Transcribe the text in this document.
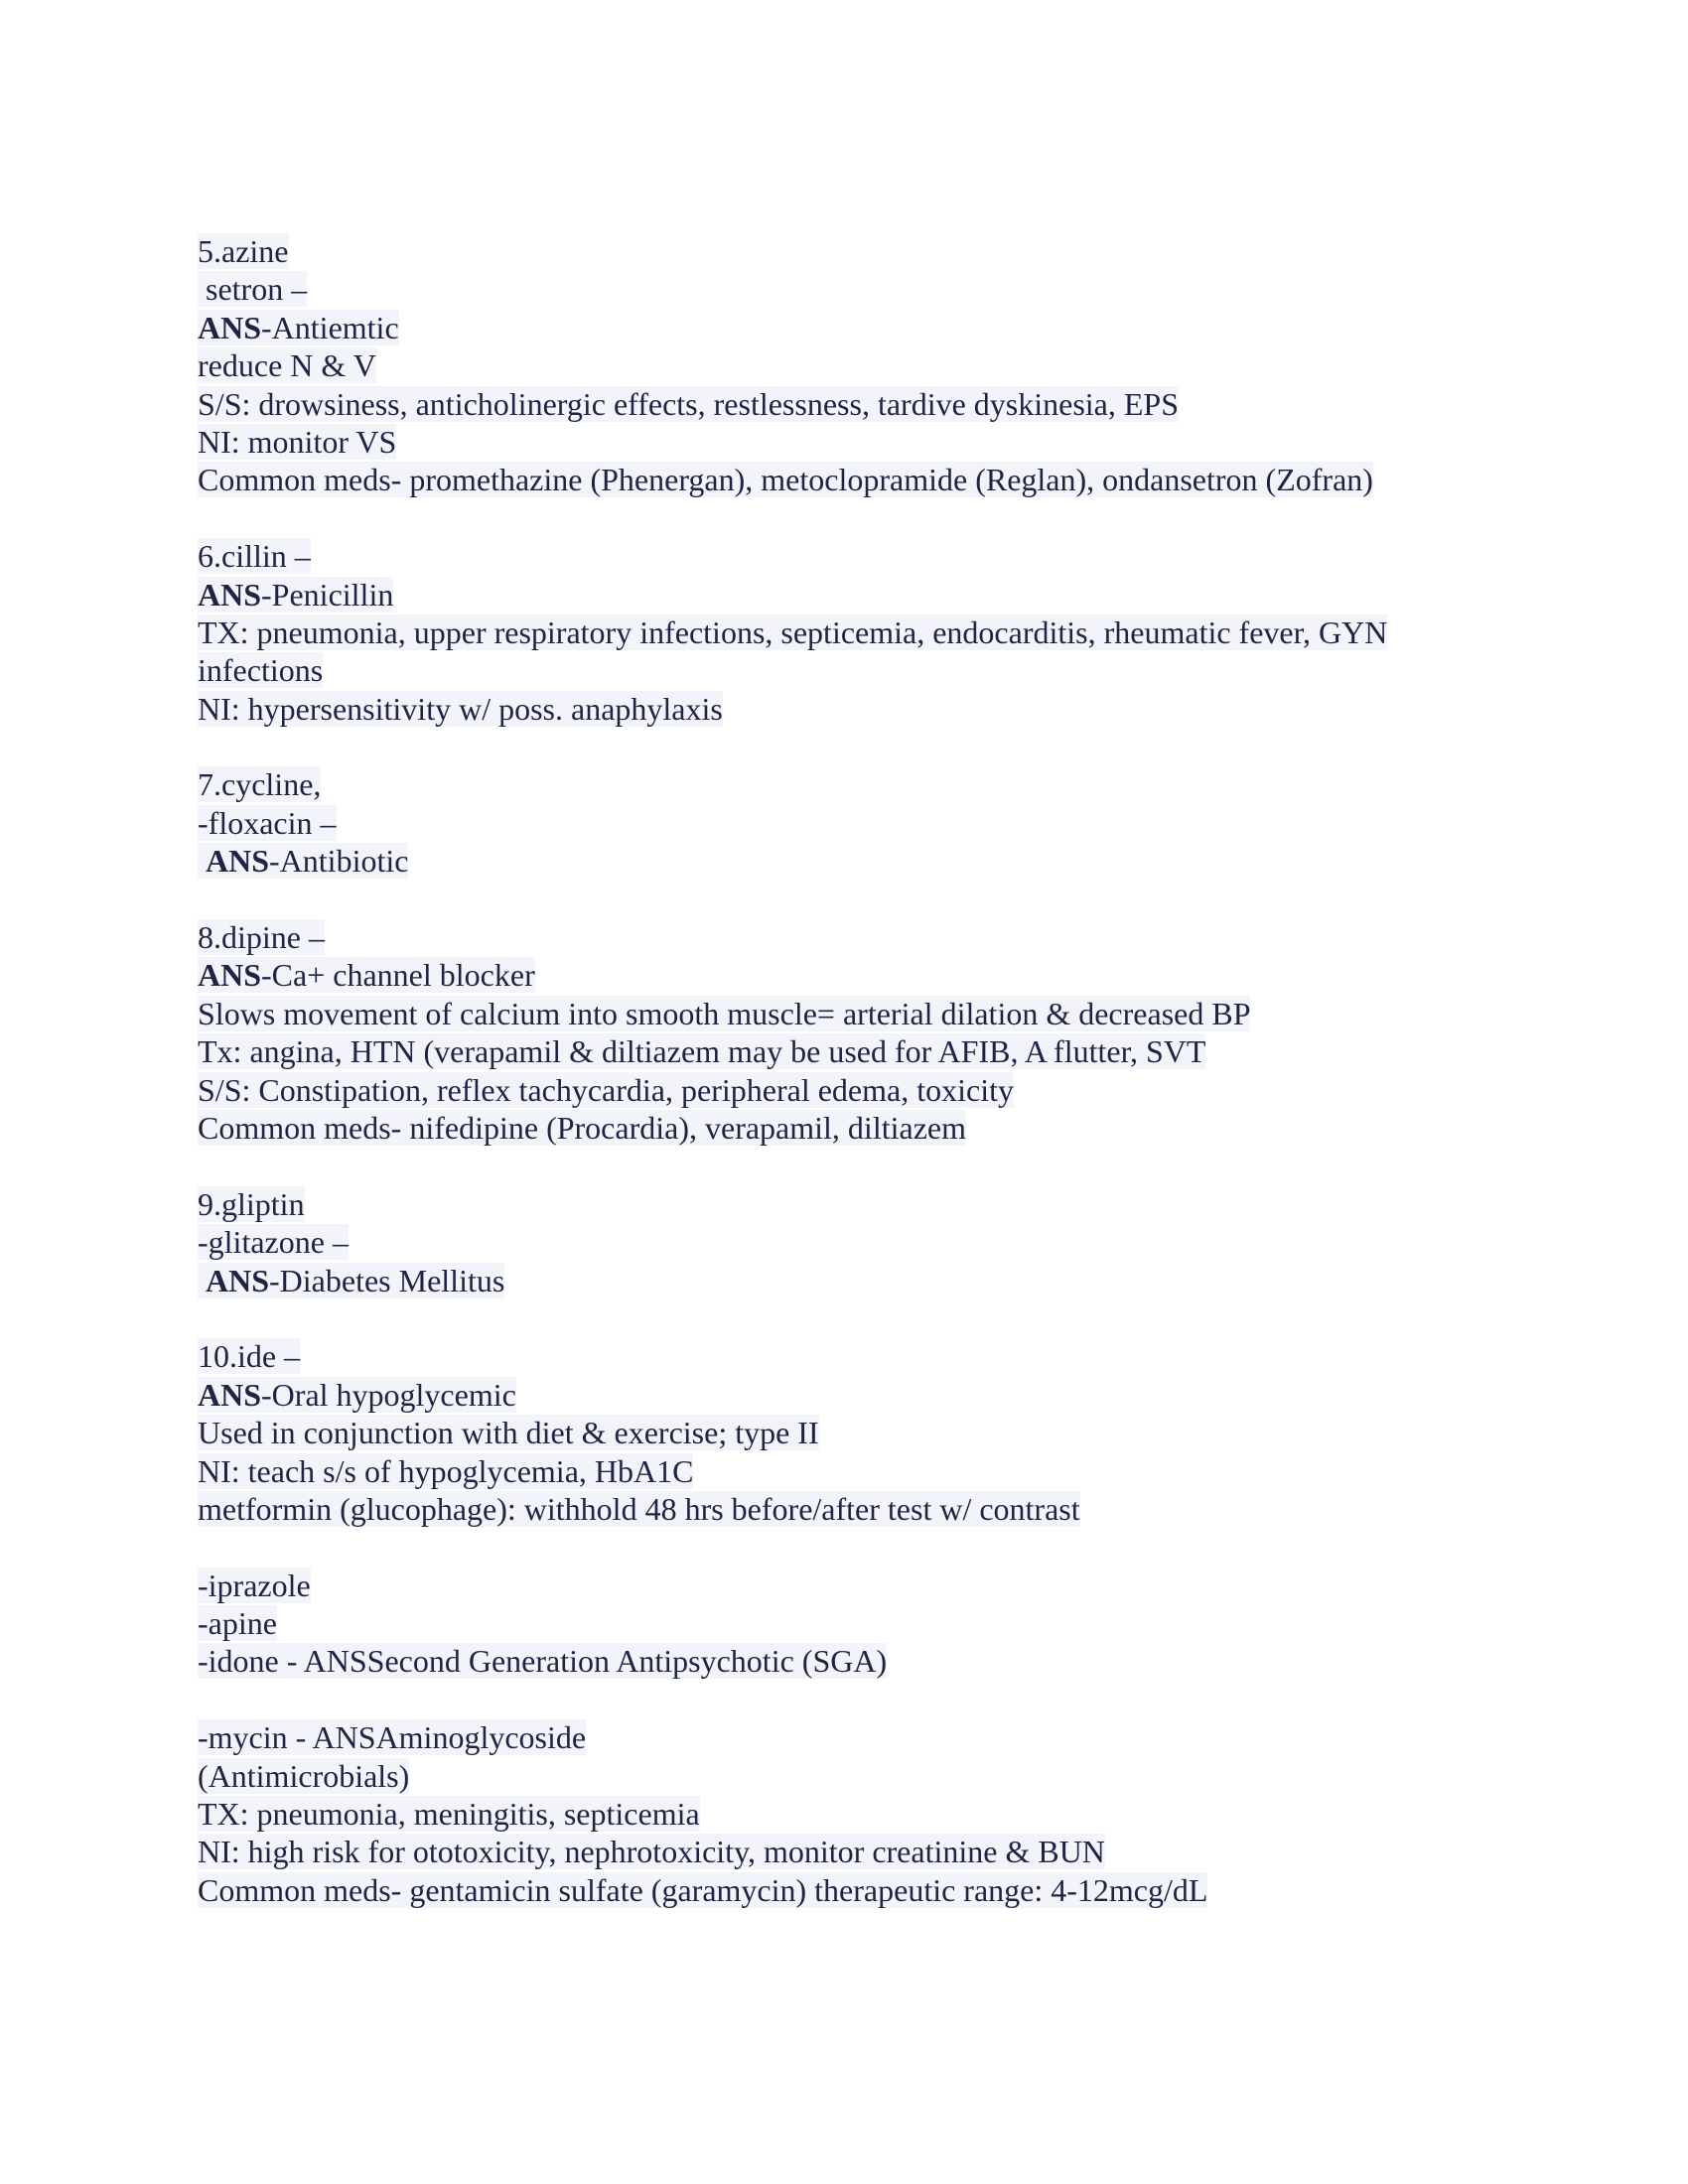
5.azine
setron –
ANS-Antiemtic
reduce N & V
S/S: drowsiness, anticholinergic effects, restlessness, tardive dyskinesia, EPS
NI: monitor VS
Common meds- promethazine (Phenergan), metoclopramide (Reglan), ondansetron (Zofran)
6.cillin –
ANS-Penicillin
TX: pneumonia, upper respiratory infections, septicemia, endocarditis, rheumatic fever, GYN
infections
NI: hypersensitivity w/ poss. anaphylaxis
7.cycline,
-floxacin –
ANS-Antibiotic
8.dipine –
ANS-Ca+ channel blocker
Slows movement of calcium into smooth muscle= arterial dilation & decreased BP
Tx: angina, HTN (verapamil & diltiazem may be used for AFIB, A flutter, SVT
S/S: Constipation, reflex tachycardia, peripheral edema, toxicity
Common meds- nifedipine (Procardia), verapamil, diltiazem
9.gliptin
-glitazone –
ANS-Diabetes Mellitus
10.ide –
ANS-Oral hypoglycemic
Used in conjunction with diet & exercise; type II
NI: teach s/s of hypoglycemia, HbA1C
metformin (glucophage): withhold 48 hrs before/after test w/ contrast
-iprazole
-apine
-idone - ANSSecond Generation Antipsychotic (SGA)
-mycin - ANSAminoglycoside
(Antimicrobials)
TX: pneumonia, meningitis, septicemia
NI: high risk for ototoxicity, nephrotoxicity, monitor creatinine & BUN
Common meds- gentamicin sulfate (garamycin) therapeutic range: 4-12mcg/dL
